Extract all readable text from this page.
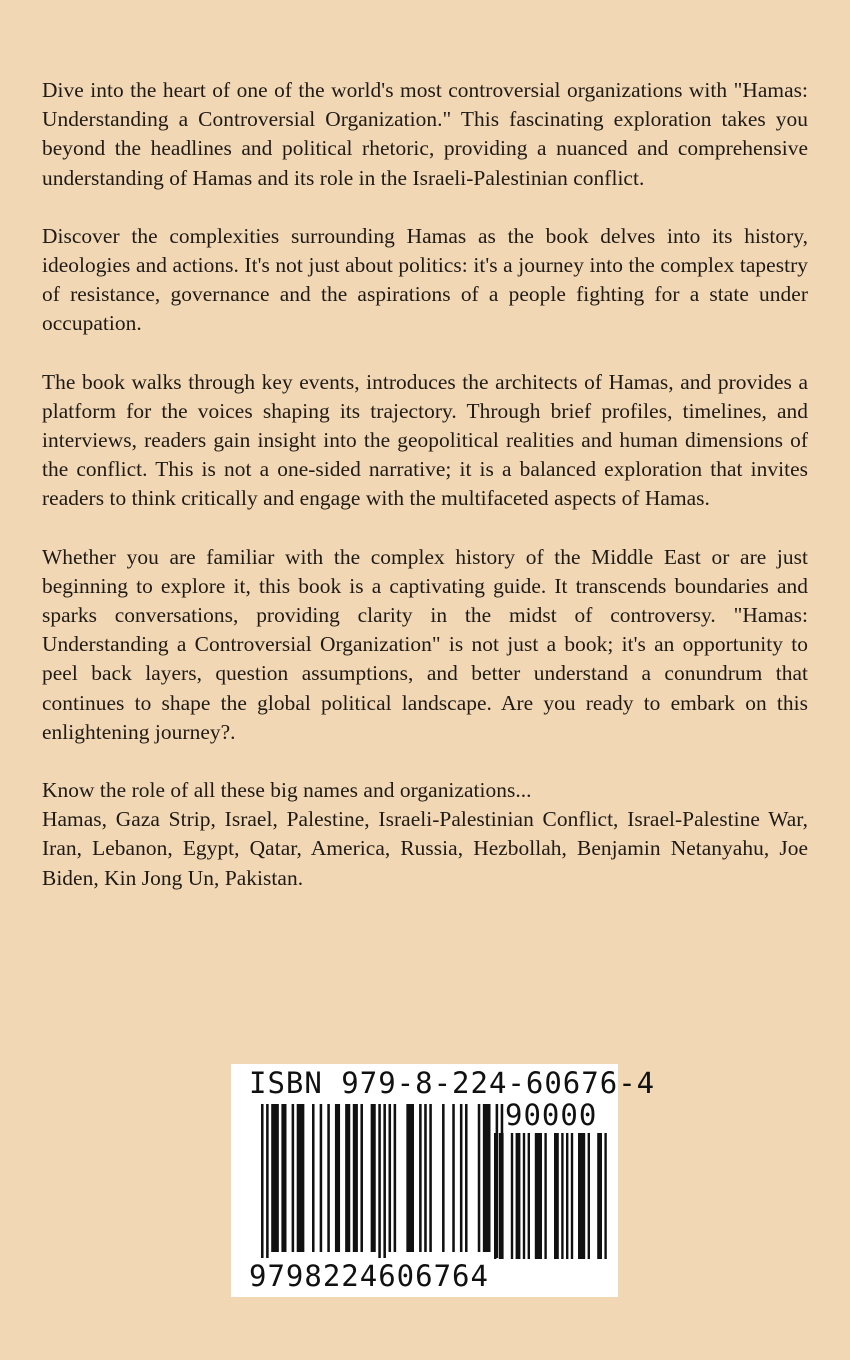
Dive into the heart of one of the world's most controversial organizations with "Hamas: Understanding a Controversial Organization." This fascinating exploration takes you beyond the headlines and political rhetoric, providing a nuanced and comprehensive understanding of Hamas and its role in the Israeli-Palestinian conflict.

Discover the complexities surrounding Hamas as the book delves into its history, ideologies and actions. It's not just about politics: it's a journey into the complex tapestry of resistance, governance and the aspirations of a people fighting for a state under occupation.

The book walks through key events, introduces the architects of Hamas, and provides a platform for the voices shaping its trajectory. Through brief profiles, timelines, and interviews, readers gain insight into the geopolitical realities and human dimensions of the conflict. This is not a one-sided narrative; it is a balanced exploration that invites readers to think critically and engage with the multifaceted aspects of Hamas.

Whether you are familiar with the complex history of the Middle East or are just beginning to explore it, this book is a captivating guide. It transcends boundaries and sparks conversations, providing clarity in the midst of controversy. "Hamas: Understanding a Controversial Organization" is not just a book; it's an opportunity to peel back layers, question assumptions, and better understand a conundrum that continues to shape the global political landscape. Are you ready to embark on this enlightening journey?.

Know the role of all these big names and organizations...
Hamas, Gaza Strip, Israel, Palestine, Israeli-Palestinian Conflict, Israel-Palestine War, Iran, Lebanon, Egypt, Qatar, America, Russia, Hezbollah, Benjamin Netanyahu, Joe Biden, Kin Jong Un, Pakistan.

ISBN 979-8-224-60676-4
90000
9798224606764
